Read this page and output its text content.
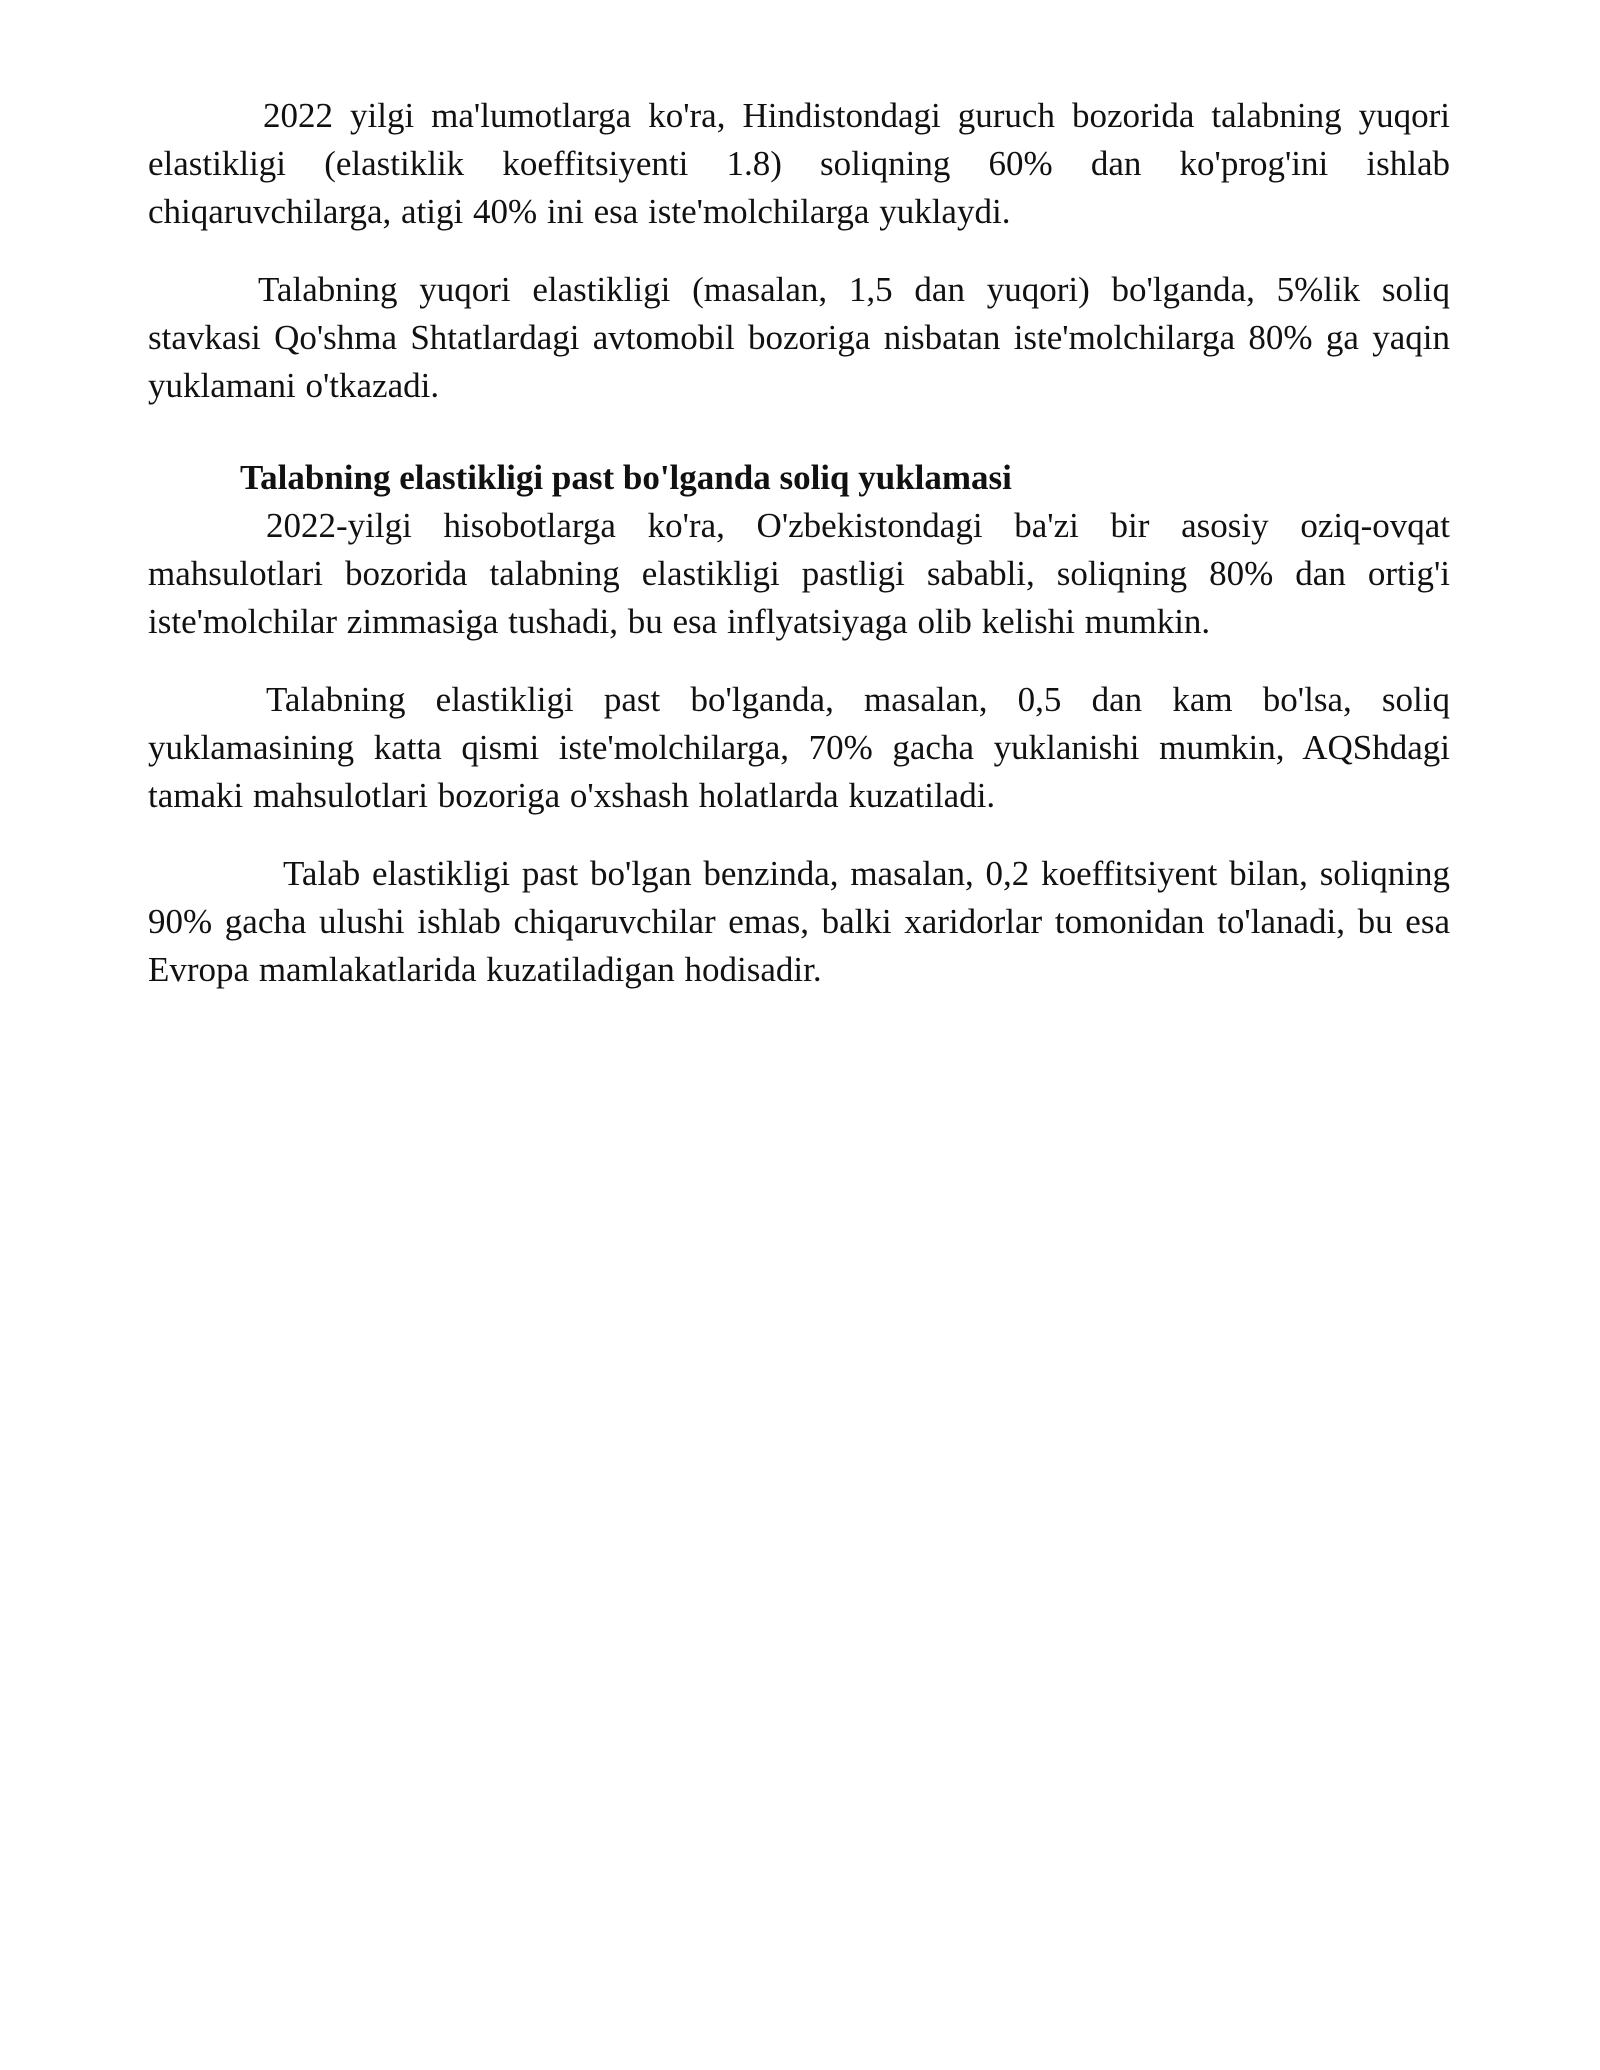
2022 yilgi ma'lumotlarga ko'ra, Hindistondagi guruch bozorida talabning yuqori elastikligi (elastiklik koeffitsiyenti 1.8) soliqning 60% dan ko'prog'ini ishlab chiqaruvchilarga, atigi 40% ini esa iste'molchilarga yuklaydi.

Talabning yuqori elastikligi (masalan, 1,5 dan yuqori) bo'lganda, 5%lik soliq stavkasi Qo'shma Shtatlardagi avtomobil bozoriga nisbatan iste'molchilarga 80% ga yaqin yuklamani o'tkazadi.

Talabning elastikligi past bo'lganda soliq yuklamasi

2022-yilgi hisobotlarga ko'ra, O'zbekistondagi ba'zi bir asosiy oziq-ovqat mahsulotlari bozorida talabning elastikligi pastligi sababli, soliqning 80% dan ortig'i iste'molchilar zimmasiga tushadi, bu esa inflyatsiyaga olib kelishi mumkin.

Talabning elastikligi past bo'lganda, masalan, 0,5 dan kam bo'lsa, soliq yuklamasining katta qismi iste'molchilarga, 70% gacha yuklanishi mumkin, AQShdagi tamaki mahsulotlari bozoriga o'xshash holatlarda kuzatiladi.

Talab elastikligi past bo'lgan benzinda, masalan, 0,2 koeffitsiyent bilan, soliqning 90% gacha ulushi ishlab chiqaruvchilar emas, balki xaridorlar tomonidan to'lanadi, bu esa Evropa mamlakatlarida kuzatiladigan hodisadir.
